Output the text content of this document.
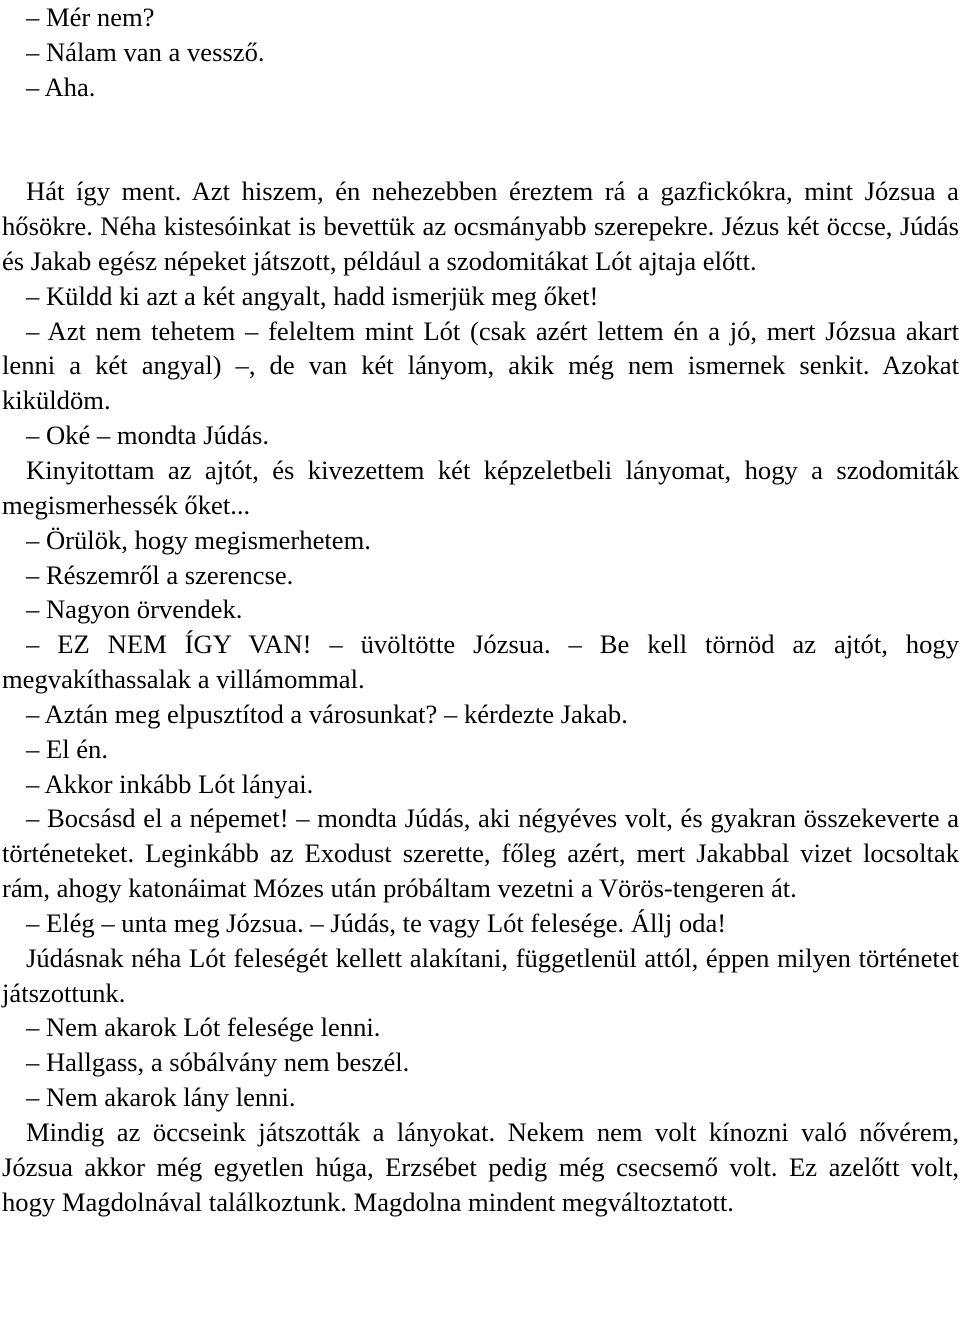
– Mér nem?

– Nálam van a vessző.

– Aha.

Hát így ment. Azt hiszem, én nehezebben éreztem rá a gazfickókra, mint Józsua a hősökre. Néha kistesóinkat is bevettük az ocsmányabb szerepekre. Jézus két öccse, Júdás és Jakab egész népeket játszott, például a szodomitákat Lót ajtaja előtt.

– Küldd ki azt a két angyalt, hadd ismerjük meg őket!

– Azt nem tehetem – feleltem mint Lót (csak azért lettem én a jó, mert Józsua akart lenni a két angyal) –, de van két lányom, akik még nem ismernek senkit. Azokat kiküldöm.

– Oké – mondta Júdás.

Kinyitottam az ajtót, és kivezettem két képzeletbeli lányomat, hogy a szodomiták megismerhessék őket...

– Örülök, hogy megismerhetem.

– Részemről a szerencse.

– Nagyon örvendek.

– EZ NEM ÍGY VAN! – üvöltötte Józsua. – Be kell törnöd az ajtót, hogy megvakíthassalak a villámommal.

– Aztán meg elpusztítod a városunkat? – kérdezte Jakab.

– El én.

– Akkor inkább Lót lányai.

– Bocsásd el a népemet! – mondta Júdás, aki négyéves volt, és gyakran összekeverte a történeteket. Leginkább az Exodust szerette, főleg azért, mert Jakabbal vizet locsoltak rám, ahogy katonáimat Mózes után próbáltam vezetni a Vörös-tengeren át.

– Elég – unta meg Józsua. – Júdás, te vagy Lót felesége. Állj oda!

Júdásnak néha Lót feleségét kellett alakítani, függetlenül attól, éppen milyen történetet játszottunk.

– Nem akarok Lót felesége lenni.

– Hallgass, a sóbálvány nem beszél.

– Nem akarok lány lenni.

Mindig az öccseink játszották a lányokat. Nekem nem volt kínozni való nővérem, Józsua akkor még egyetlen húga, Erzsébet pedig még csecsemő volt. Ez azelőtt volt, hogy Magdolnával találkoztunk. Magdolna mindent megváltoztatott.
